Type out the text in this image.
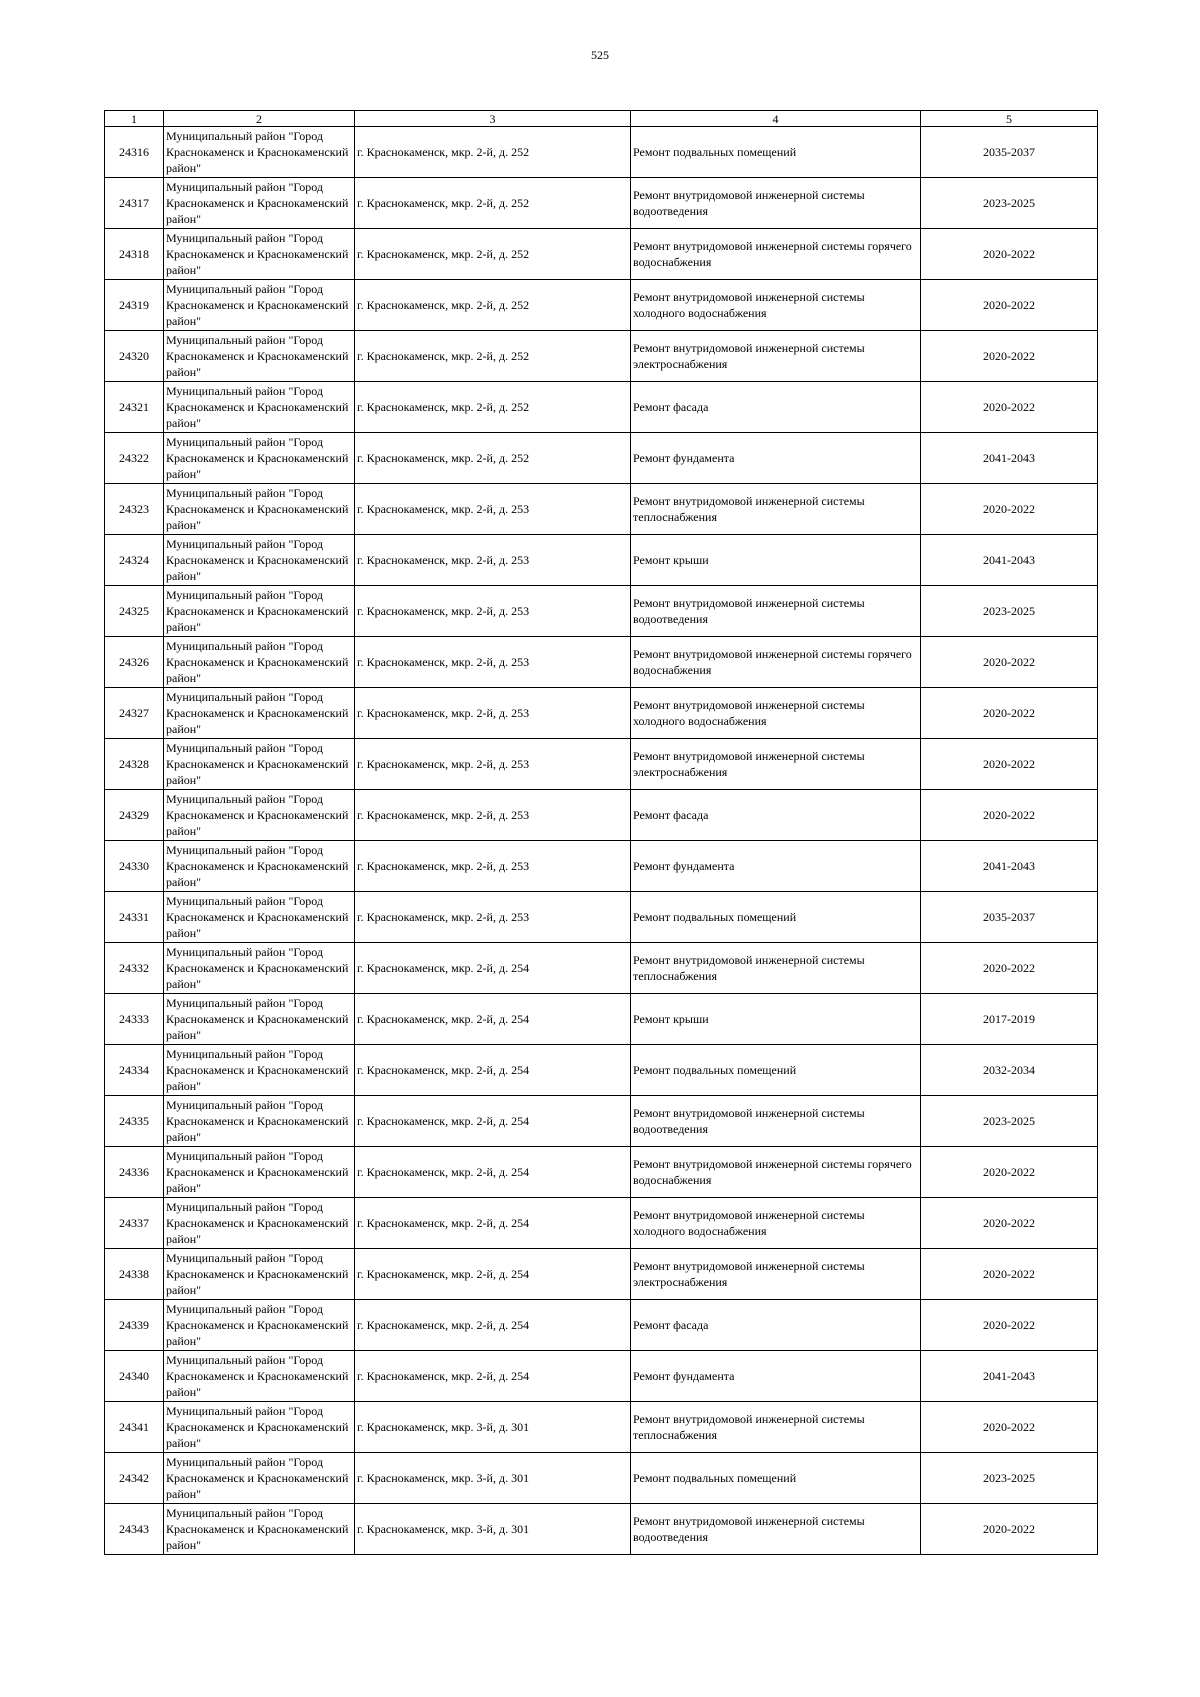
525
1	2	3	4	5
24316	Муниципальный район "Город Краснокаменск и Краснокаменский район"	г. Краснокаменск, мкр. 2-й, д. 252	Ремонт подвальных помещений	2035-2037
24317	Муниципальный район "Город Краснокаменск и Краснокаменский район"	г. Краснокаменск, мкр. 2-й, д. 252	Ремонт внутридомовой инженерной системы водоотведения	2023-2025
24318	Муниципальный район "Город Краснокаменск и Краснокаменский район"	г. Краснокаменск, мкр. 2-й, д. 252	Ремонт внутридомовой инженерной системы горячего водоснабжения	2020-2022
24319	Муниципальный район "Город Краснокаменск и Краснокаменский район"	г. Краснокаменск, мкр. 2-й, д. 252	Ремонт внутридомовой инженерной системы холодного водоснабжения	2020-2022
24320	Муниципальный район "Город Краснокаменск и Краснокаменский район"	г. Краснокаменск, мкр. 2-й, д. 252	Ремонт внутридомовой инженерной системы электроснабжения	2020-2022
24321	Муниципальный район "Город Краснокаменск и Краснокаменский район"	г. Краснокаменск, мкр. 2-й, д. 252	Ремонт фасада	2020-2022
24322	Муниципальный район "Город Краснокаменск и Краснокаменский район"	г. Краснокаменск, мкр. 2-й, д. 252	Ремонт фундамента	2041-2043
24323	Муниципальный район "Город Краснокаменск и Краснокаменский район"	г. Краснокаменск, мкр. 2-й, д. 253	Ремонт внутридомовой инженерной системы теплоснабжения	2020-2022
24324	Муниципальный район "Город Краснокаменск и Краснокаменский район"	г. Краснокаменск, мкр. 2-й, д. 253	Ремонт крыши	2041-2043
24325	Муниципальный район "Город Краснокаменск и Краснокаменский район"	г. Краснокаменск, мкр. 2-й, д. 253	Ремонт внутридомовой инженерной системы водоотведения	2023-2025
24326	Муниципальный район "Город Краснокаменск и Краснокаменский район"	г. Краснокаменск, мкр. 2-й, д. 253	Ремонт внутридомовой инженерной системы горячего водоснабжения	2020-2022
24327	Муниципальный район "Город Краснокаменск и Краснокаменский район"	г. Краснокаменск, мкр. 2-й, д. 253	Ремонт внутридомовой инженерной системы холодного водоснабжения	2020-2022
24328	Муниципальный район "Город Краснокаменск и Краснокаменский район"	г. Краснокаменск, мкр. 2-й, д. 253	Ремонт внутридомовой инженерной системы электроснабжения	2020-2022
24329	Муниципальный район "Город Краснокаменск и Краснокаменский район"	г. Краснокаменск, мкр. 2-й, д. 253	Ремонт фасада	2020-2022
24330	Муниципальный район "Город Краснокаменск и Краснокаменский район"	г. Краснокаменск, мкр. 2-й, д. 253	Ремонт фундамента	2041-2043
24331	Муниципальный район "Город Краснокаменск и Краснокаменский район"	г. Краснокаменск, мкр. 2-й, д. 253	Ремонт подвальных помещений	2035-2037
24332	Муниципальный район "Город Краснокаменск и Краснокаменский район"	г. Краснокаменск, мкр. 2-й, д. 254	Ремонт внутридомовой инженерной системы теплоснабжения	2020-2022
24333	Муниципальный район "Город Краснокаменск и Краснокаменский район"	г. Краснокаменск, мкр. 2-й, д. 254	Ремонт крыши	2017-2019
24334	Муниципальный район "Город Краснокаменск и Краснокаменский район"	г. Краснокаменск, мкр. 2-й, д. 254	Ремонт подвальных помещений	2032-2034
24335	Муниципальный район "Город Краснокаменск и Краснокаменский район"	г. Краснокаменск, мкр. 2-й, д. 254	Ремонт внутридомовой инженерной системы водоотведения	2023-2025
24336	Муниципальный район "Город Краснокаменск и Краснокаменский район"	г. Краснокаменск, мкр. 2-й, д. 254	Ремонт внутридомовой инженерной системы горячего водоснабжения	2020-2022
24337	Муниципальный район "Город Краснокаменск и Краснокаменский район"	г. Краснокаменск, мкр. 2-й, д. 254	Ремонт внутридомовой инженерной системы холодного водоснабжения	2020-2022
24338	Муниципальный район "Город Краснокаменск и Краснокаменский район"	г. Краснокаменск, мкр. 2-й, д. 254	Ремонт внутридомовой инженерной системы электроснабжения	2020-2022
24339	Муниципальный район "Город Краснокаменск и Краснокаменский район"	г. Краснокаменск, мкр. 2-й, д. 254	Ремонт фасада	2020-2022
24340	Муниципальный район "Город Краснокаменск и Краснокаменский район"	г. Краснокаменск, мкр. 2-й, д. 254	Ремонт фундамента	2041-2043
24341	Муниципальный район "Город Краснокаменск и Краснокаменский район"	г. Краснокаменск, мкр. 3-й, д. 301	Ремонт внутридомовой инженерной системы теплоснабжения	2020-2022
24342	Муниципальный район "Город Краснокаменск и Краснокаменский район"	г. Краснокаменск, мкр. 3-й, д. 301	Ремонт подвальных помещений	2023-2025
24343	Муниципальный район "Город Краснокаменск и Краснокаменский район"	г. Краснокаменск, мкр. 3-й, д. 301	Ремонт внутридомовой инженерной системы водоотведения	2020-2022
